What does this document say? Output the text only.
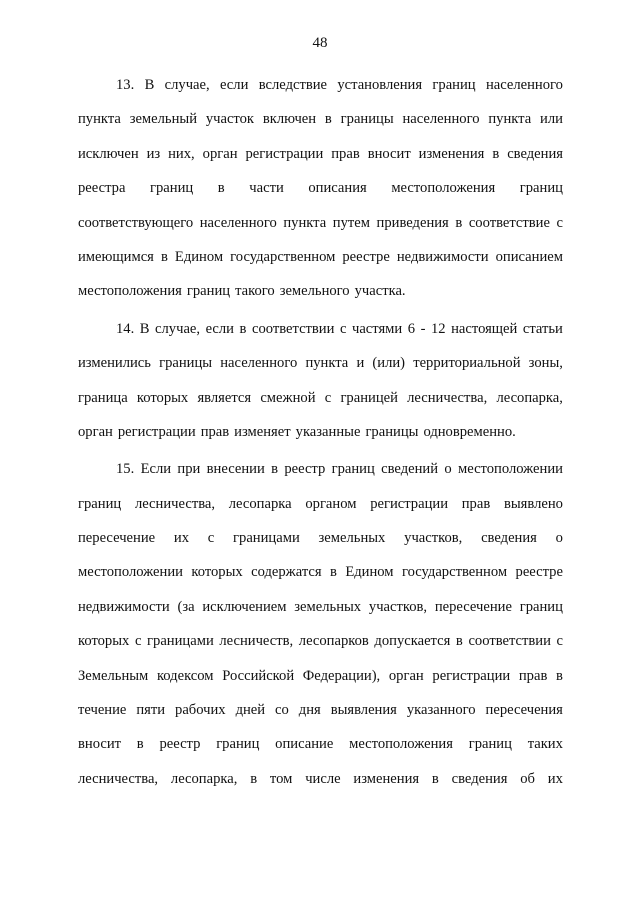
48
13. В случае, если вследствие установления границ населенного
пункта земельный участок включен в границы населенного пункта или
исключен из них, орган регистрации прав вносит изменения в сведения
реестра границ в части описания местоположения границ
соответствующего населенного пункта путем приведения в соответствие с
имеющимся в Едином государственном реестре недвижимости описанием
местоположения границ такого земельного участка.
14. В случае, если в соответствии с частями 6 - 12 настоящей статьи
изменились границы населенного пункта и (или) территориальной зоны,
граница которых является смежной с границей лесничества, лесопарка,
орган регистрации прав изменяет указанные границы одновременно.
15. Если при внесении в реестр границ сведений о местоположении
границ лесничества, лесопарка органом регистрации прав выявлено
пересечение их с границами земельных участков, сведения о
местоположении которых содержатся в Едином государственном реестре
недвижимости (за исключением земельных участков, пересечение границ
которых с границами лесничеств, лесопарков допускается в соответствии с
Земельным кодексом Российской Федерации), орган регистрации прав в
течение пяти рабочих дней со дня выявления указанного пересечения
вносит в реестр границ описание местоположения границ таких
лесничества, лесопарка, в том числе изменения в сведения об их
